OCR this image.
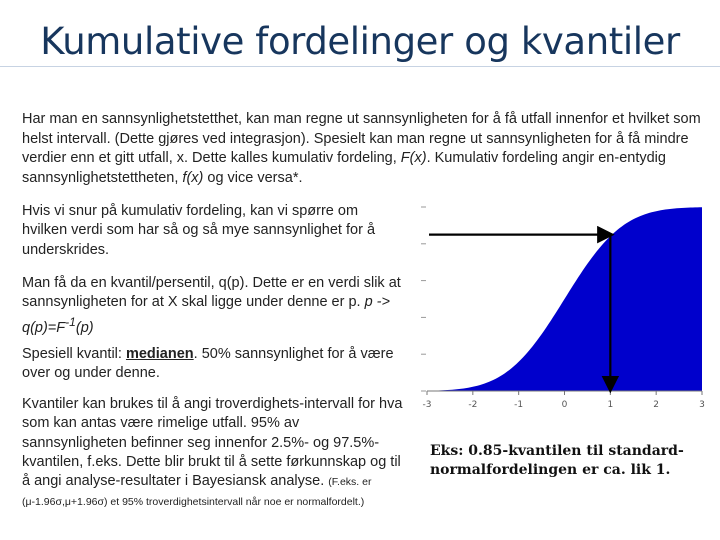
Kumulative fordelinger og kvantiler
Har man en sannsynlighetstetthet, kan man regne ut sannsynligheten for å få utfall innenfor et hvilket som helst intervall. (Dette gjøres ved integrasjon). Spesielt kan man regne ut sannsynligheten for å få mindre verdier enn et gitt utfall, x. Dette kalles kumulativ fordeling, F(x). Kumulativ fordeling angir en-entydig sannsynlighetstettheten, f(x) og vice versa*.
Hvis vi snur på kumulativ fordeling, kan vi spørre om hvilken verdi som har så og så mye sannsynlighet for å underskrides.
Man få da en kvantil/persentil, q(p). Dette er en verdi slik at sannsynligheten for at X skal ligge under denne er p. $p -> q(p)=F^{-1}(p)$
Spesiell kvantil: medianen. 50% sannsynlighet for å være over og under denne.
Kvantiler kan brukes til å angi troverdighets-intervall for hva som kan antas være rimelige utfall. 95% av sannsynligheten befinner seg innenfor 2.5%- og 97.5%-kvantilen, f.eks. Dette blir brukt til å sette førkunnskap og til å angi analyse-resultater i Bayesiansk analyse. (F.eks. er (μ-1.96σ,μ+1.96σ) et 95% troverdighetsintervall når noe er normalfordelt.)
-3	-2	-1	0	1	2	3
Eks: 0.85-kvantilen til standard-normalfordelingen er ca. lik 1.
